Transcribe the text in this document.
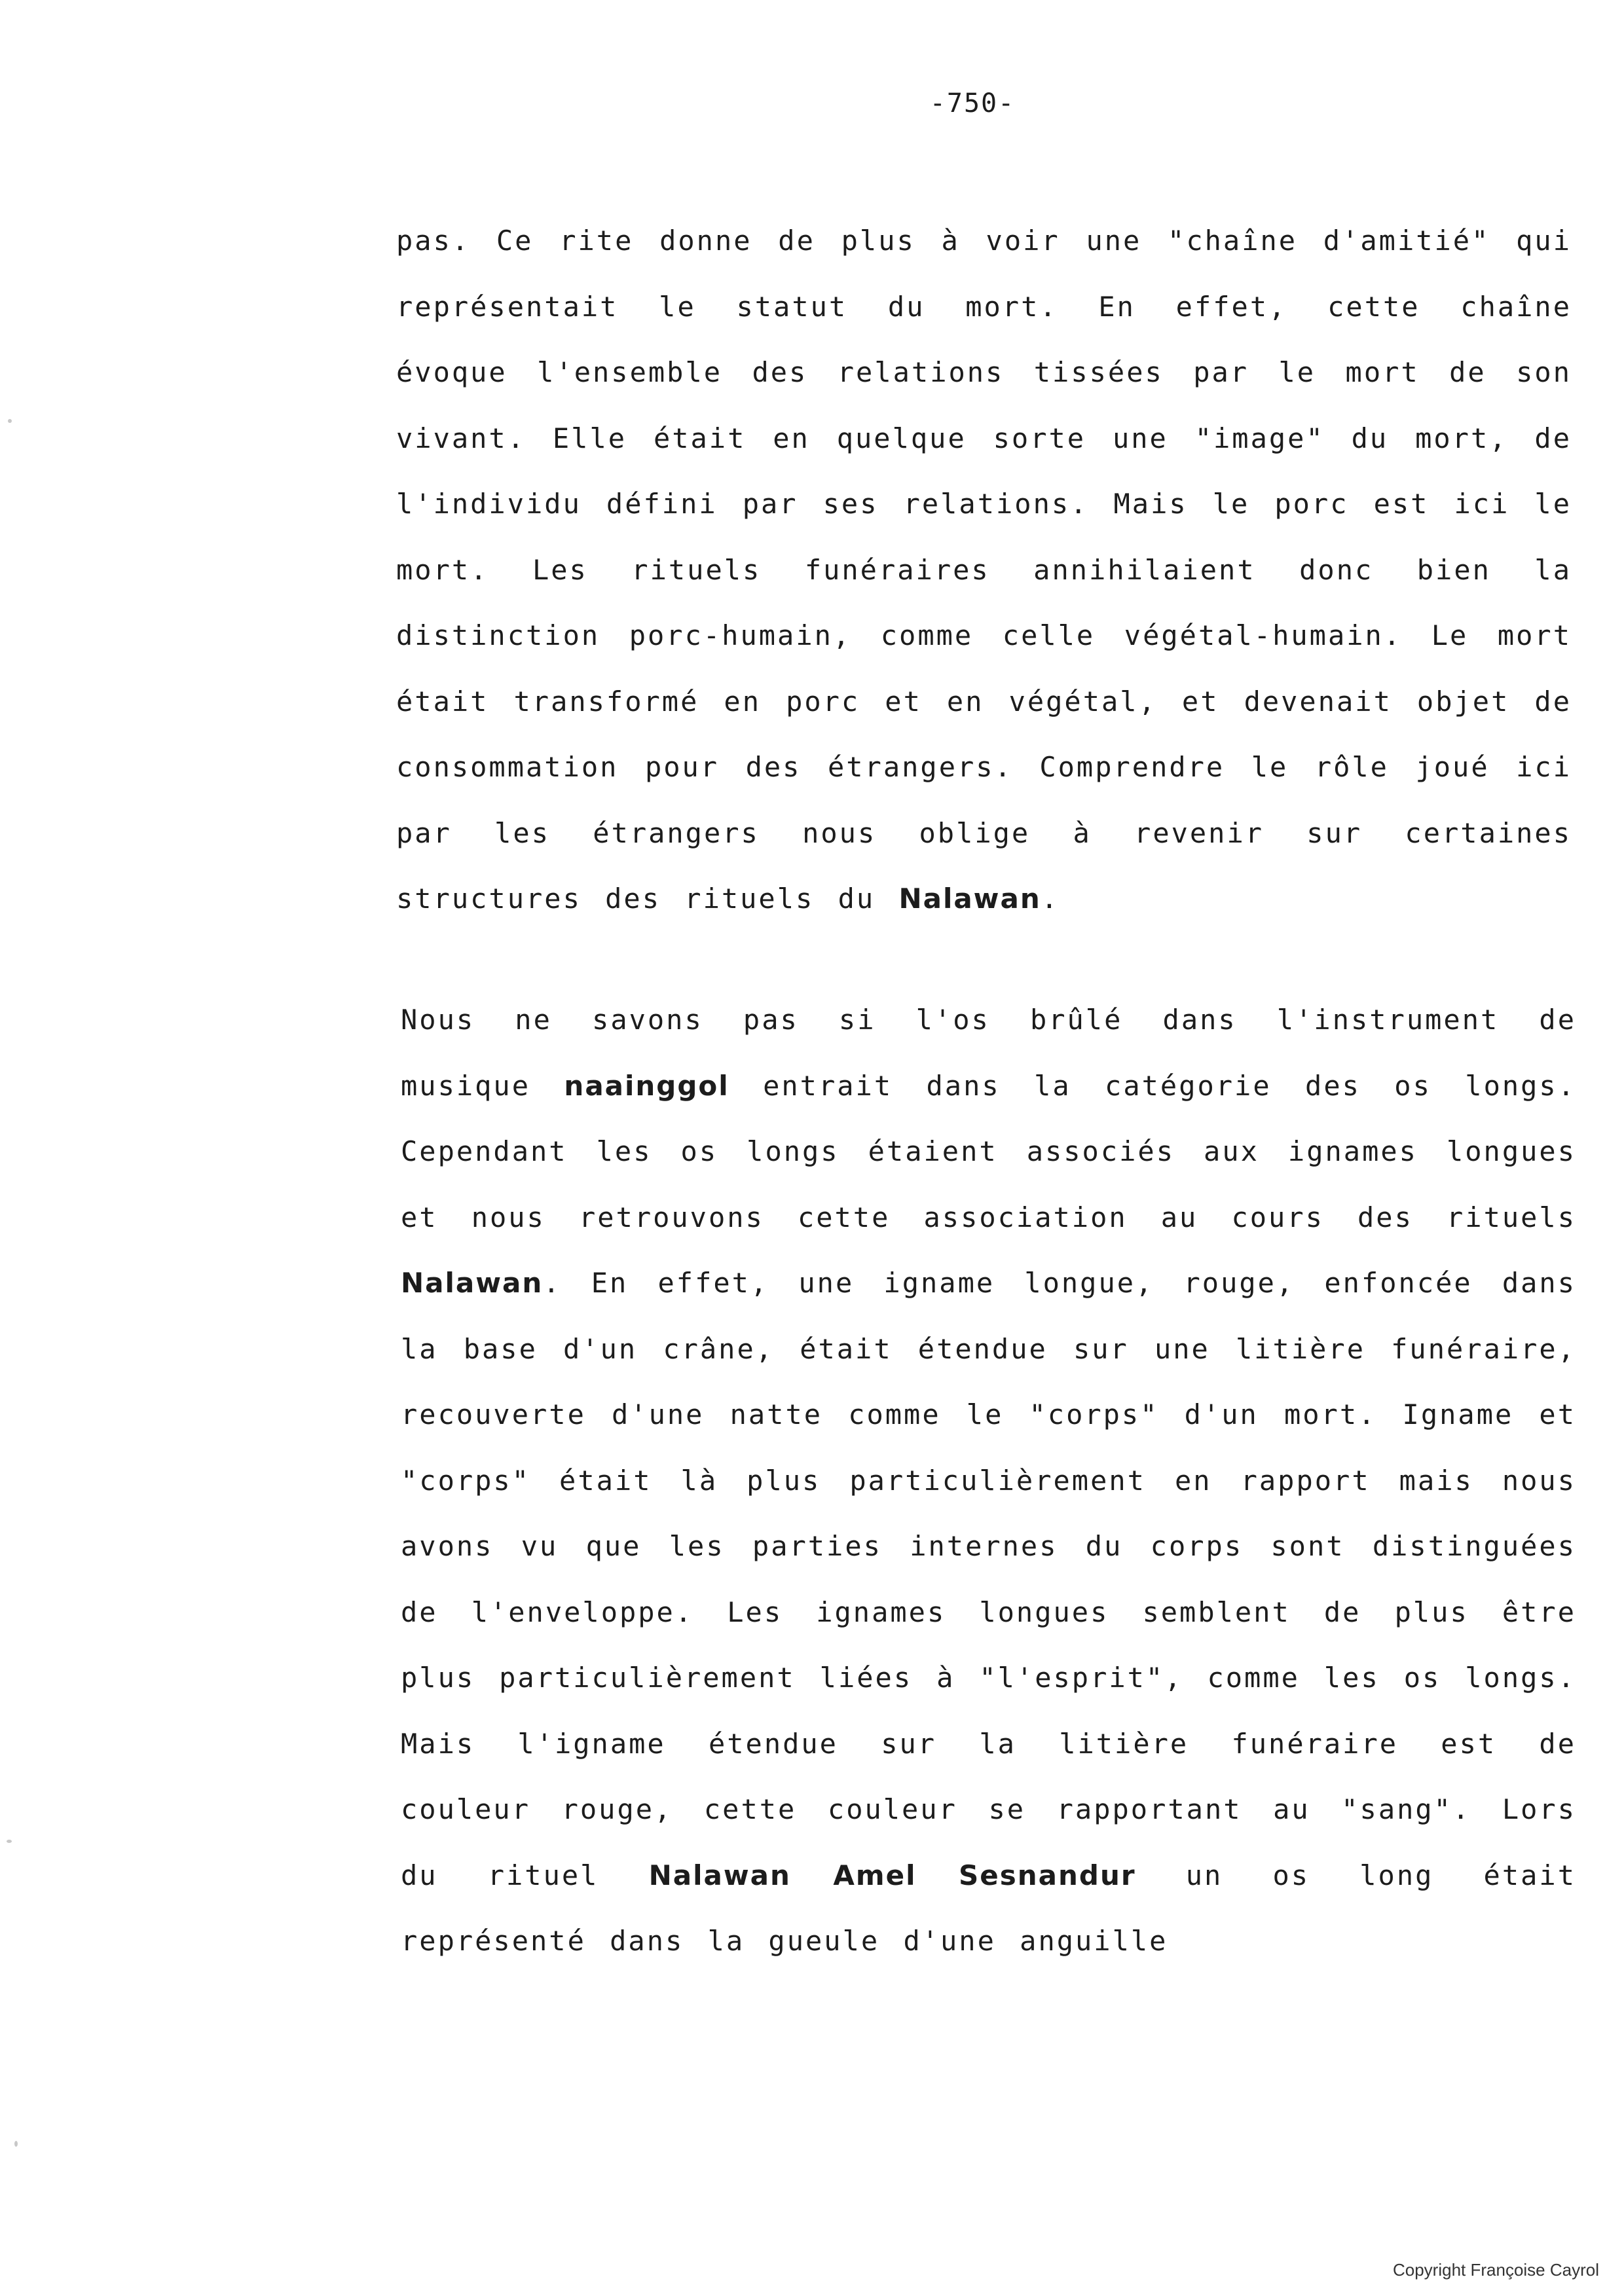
-750-
pas. Ce rite donne de plus à voir une "chaîne d'amitié" qui représentait le statut du mort. En effet, cette chaîne évoque l'ensemble des relations tissées par le mort de son vivant. Elle était en quelque sorte une "image" du mort, de l'individu défini par ses relations. Mais le porc est ici le mort. Les rituels funéraires annihilaient donc bien la distinction porc-humain, comme celle végétal-humain. Le mort était transformé en porc et en végétal, et devenait objet de consommation pour des étrangers. Comprendre le rôle joué ici par les étrangers nous oblige à revenir sur certaines structures des rituels du Nalawan.
Nous ne savons pas si l'os brûlé dans l'instrument de musique naainggol entrait dans la catégorie des os longs. Cependant les os longs étaient associés aux ignames longues et nous retrouvons cette association au cours des rituels Nalawan. En effet, une igname longue, rouge, enfoncée dans la base d'un crâne, était étendue sur une litière funéraire, recouverte d'une natte comme le "corps" d'un mort. Igname et "corps" était là plus particulièrement en rapport mais nous avons vu que les parties internes du corps sont distinguées de l'enveloppe. Les ignames longues semblent de plus être plus particulièrement liées à "l'esprit", comme les os longs. Mais l'igname étendue sur la litière funéraire est de couleur rouge, cette couleur se rapportant au "sang". Lors du rituel Nalawan Amel Sesnandur un os long était représenté dans la gueule d'une anguille
Copyright Françoise Cayrol
